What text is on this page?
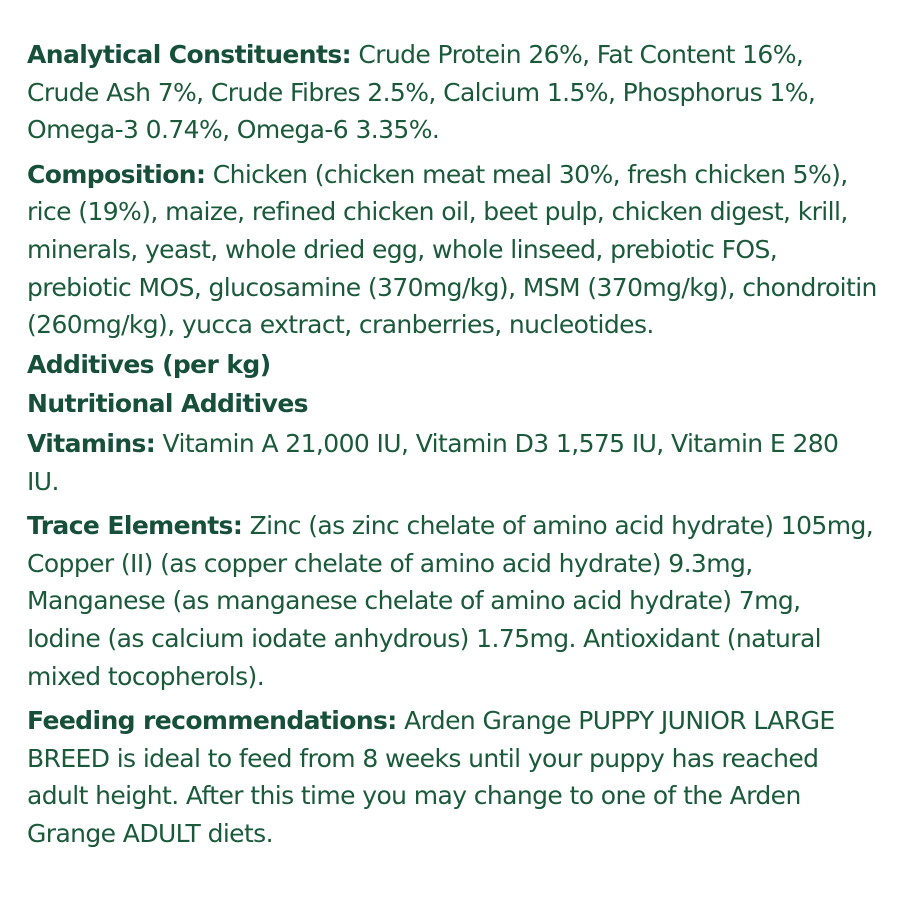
Analytical Constituents: Crude Protein 26%, Fat Content 16%, Crude Ash 7%, Crude Fibres 2.5%, Calcium 1.5%, Phosphorus 1%, Omega-3 0.74%, Omega-6 3.35%.

Composition: Chicken (chicken meat meal 30%, fresh chicken 5%), rice (19%), maize, refined chicken oil, beet pulp, chicken digest, krill, minerals, yeast, whole dried egg, whole linseed, prebiotic FOS, prebiotic MOS, glucosamine (370mg/kg), MSM (370mg/kg), chondroitin (260mg/kg), yucca extract, cranberries, nucleotides.

Additives (per kg)

Nutritional Additives

Vitamins: Vitamin A 21,000 IU, Vitamin D3 1,575 IU, Vitamin E 280 IU.

Trace Elements: Zinc (as zinc chelate of amino acid hydrate) 105mg, Copper (II) (as copper chelate of amino acid hydrate) 9.3mg, Manganese (as manganese chelate of amino acid hydrate) 7mg, Iodine (as calcium iodate anhydrous) 1.75mg. Antioxidant (natural mixed tocopherols).

Feeding recommendations: Arden Grange PUPPY JUNIOR LARGE BREED is ideal to feed from 8 weeks until your puppy has reached adult height. After this time you may change to one of the Arden Grange ADULT diets.
